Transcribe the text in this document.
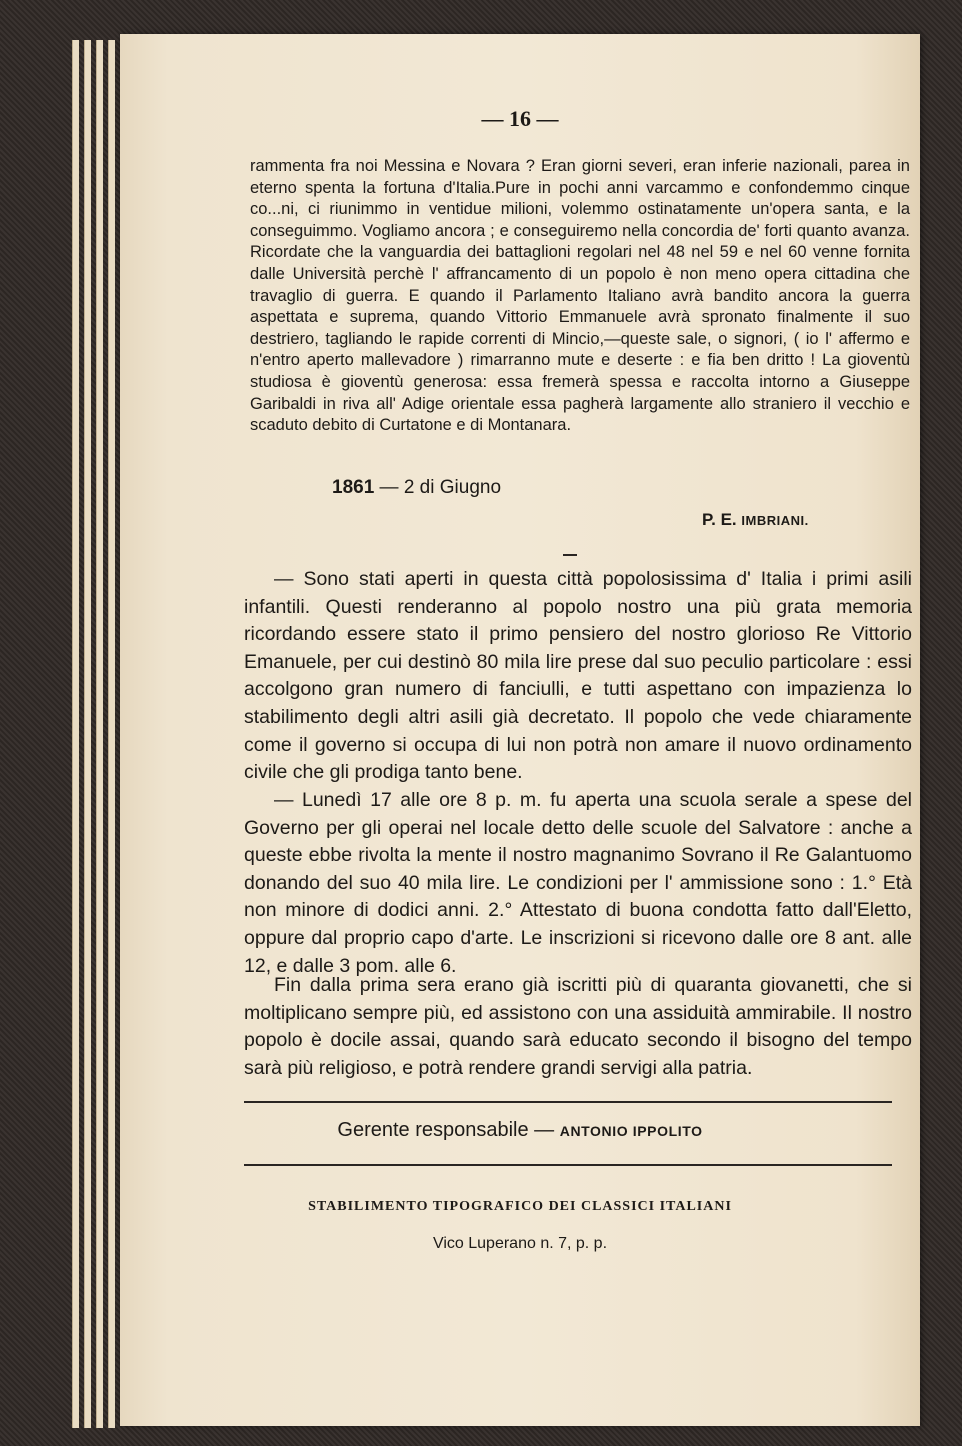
— 16 —
rammenta fra noi Messina e Novara ? Eran giorni severi, eran inferie nazionali, parea in eterno spenta la fortuna d'Italia.Pure in pochi anni varcammo e confondemmo cinque co...ni, ci riunimmo in ventidue milioni, volemmo ostinatamente un'opera santa, e la conseguimmo. Vogliamo ancora ; e conseguiremo nella concordia de' forti quanto avanza. Ricordate che la vanguardia dei battaglioni regolari nel 48 nel 59 e nel 60 venne fornita dalle Università perchè l' affrancamento di un popolo è non meno opera cittadina che travaglio di guerra. E quando il Parlamento Italiano avrà bandito ancora la guerra aspettata e suprema, quando Vittorio Emmanuele avrà spronato finalmente il suo destriero, tagliando le rapide correnti di Mincio,—queste sale, o signori, ( io l' affermo e n'entro aperto mallevadore ) rimarranno mute e deserte : e fia ben dritto ! La gioventù studiosa è gioventù generosa: essa fremerà spessa e raccolta intorno a Giuseppe Garibaldi in riva all' Adige orientale essa pagherà largamente allo straniero il vecchio e scaduto debito di Curtatone e di Montanara.
1861 — 2 di Giugno
P. E. IMBRIANI.

— Sono stati aperti in questa città popolosissima d' Italia i primi asili infantili. Questi renderanno al popolo nostro una più grata memoria ricordando essere stato il primo pensiero del nostro glorioso Re Vittorio Emanuele, per cui destinò 80 mila lire prese dal suo peculio particolare : essi accolgono gran numero di fanciulli, e tutti aspettano con impazienza lo stabilimento degli altri asili già decretato. Il popolo che vede chiaramente come il governo si occupa di lui non potrà non amare il nuovo ordinamento civile che gli prodiga tanto bene.

— Lunedì 17 alle ore 8 p. m. fu aperta una scuola serale a spese del Governo per gli operai nel locale detto delle scuole del Salvatore : anche a queste ebbe rivolta la mente il nostro magnanimo Sovrano il Re Galantuomo donando del suo 40 mila lire. Le condizioni per l' ammissione sono : 1.° Età non minore di dodici anni. 2.° Attestato di buona condotta fatto dall'Eletto, oppure dal proprio capo d'arte. Le inscrizioni si ricevono dalle ore 8 ant. alle 12, e dalle 3 pom. alle 6.

Fin dalla prima sera erano già iscritti più di quaranta giovanetti, che si moltiplicano sempre più, ed assistono con una assiduità ammirabile. Il nostro popolo è docile assai, quando sarà educato secondo il bisogno del tempo sarà più religioso, e potrà rendere grandi servigi alla patria.

Gerente responsabile — ANTONIO IPPOLITO
STABILIMENTO TIPOGRAFICO DEI CLASSICI ITALIANI
Vico Luperano n. 7, p. p.
